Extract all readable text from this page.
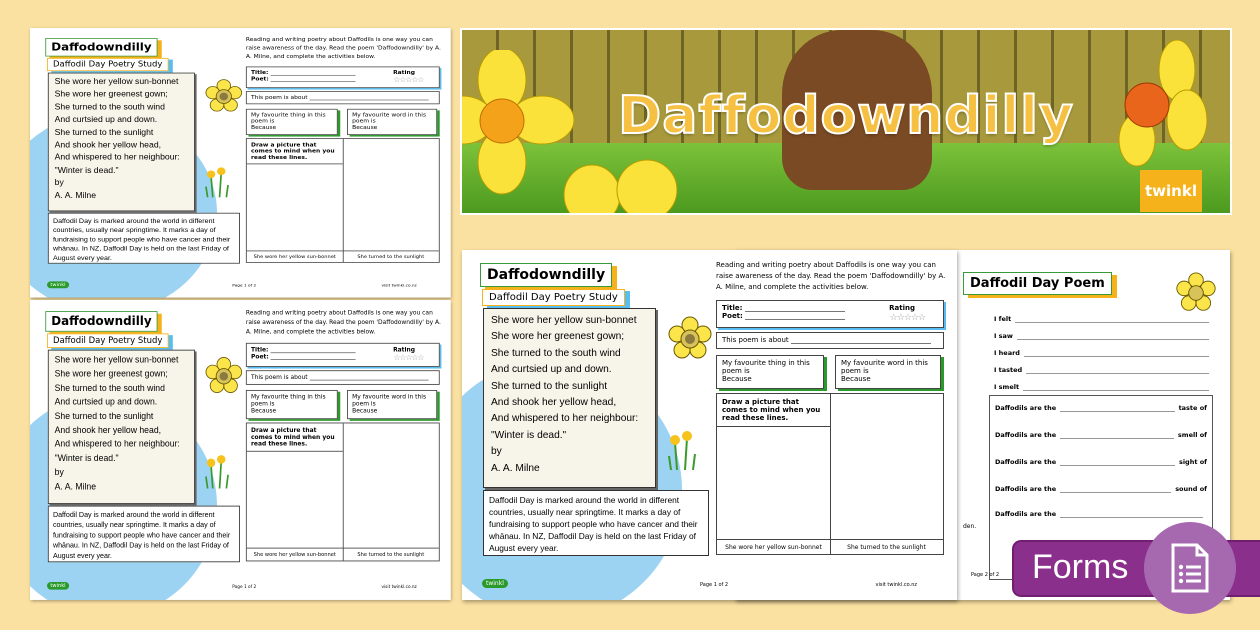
Daffodowndilly
Daffodil Day Poetry Study
She wore her yellow sun-bonnet
She wore her greenest gown;
She turned to the south wind
And curtsied up and down.
She turned to the sunlight
And shook her yellow head,
And whispered to her neighbour:
"Winter is dead."
by
A. A. Milne
Daffodil Day is marked around the world in different countries, usually near springtime. It marks a day of fundraising to support people who have cancer and their whānau. In NZ, Daffodil Day is held on the last Friday of August every year.
Reading and writing poetry about Daffodils is one way you can raise awareness of the day. Read the poem 'Daffodowndilly' by A. A. Milne, and complete the activities below.
Title:	Rating
Poet:	☆☆☆☆☆
This poem is about
My favourite thing in this poem is
Because
My favourite word in this poem is
Because
Draw a picture that comes to mind when you read these lines.
She wore her yellow sun-bonnet	She turned to the sunlight
twinkl	Page 1 of 2	visit twinkl.co.nz
Daffodowndilly
Daffodil Day Poetry Study
She wore her yellow sun-bonnet
She wore her greenest gown;
She turned to the south wind
And curtsied up and down.
She turned to the sunlight
And shook her yellow head,
And whispered to her neighbour:
"Winter is dead."
by
A. A. Milne
Daffodil Day is marked around the world in different countries, usually near springtime. It marks a day of fundraising to support people who have cancer and their whānau. In NZ, Daffodil Day is held on the last Friday of August every year.
Reading and writing poetry about Daffodils is one way you can raise awareness of the day. Read the poem 'Daffodowndilly' by A. A. Milne, and complete the activities below.
Title:	Rating
Poet:	☆☆☆☆☆
This poem is about
My favourite thing in this poem is
Because
My favourite word in this poem is
Because
Draw a picture that comes to mind when you read these lines.
She wore her yellow sun-bonnet	She turned to the sunlight
twinkl	Page 1 of 2	visit twinkl.co.nz
Daffodowndilly
twinkl
Daffodil Day Poem
I felt
I saw
I heard
I tasted
I smelt
Daffodils are the	taste of
Daffodils are the	smell of
Daffodils are the	sight of
Daffodils are the	sound of
Daffodils are the
den.
Page 2 of 2
Daffodowndilly
Daffodil Day Poetry Study
She wore her yellow sun-bonnet
She wore her greenest gown;
She turned to the south wind
And curtsied up and down.
She turned to the sunlight
And shook her yellow head,
And whispered to her neighbour:
"Winter is dead."
by
A. A. Milne
Daffodil Day is marked around the world in different countries, usually near springtime. It marks a day of fundraising to support people who have cancer and their whānau. In NZ, Daffodil Day is held on the last Friday of August every year.
Reading and writing poetry about Daffodils is one way you can raise awareness of the day. Read the poem 'Daffodowndilly' by A. A. Milne, and complete the activities below.
Title:	Rating
Poet:	☆☆☆☆☆
This poem is about
My favourite thing in this poem is
Because
My favourite word in this poem is
Because
Draw a picture that comes to mind when you read these lines.
She wore her yellow sun-bonnet	She turned to the sunlight
twinkl	Page 1 of 2	visit twinkl.co.nz	Forms
